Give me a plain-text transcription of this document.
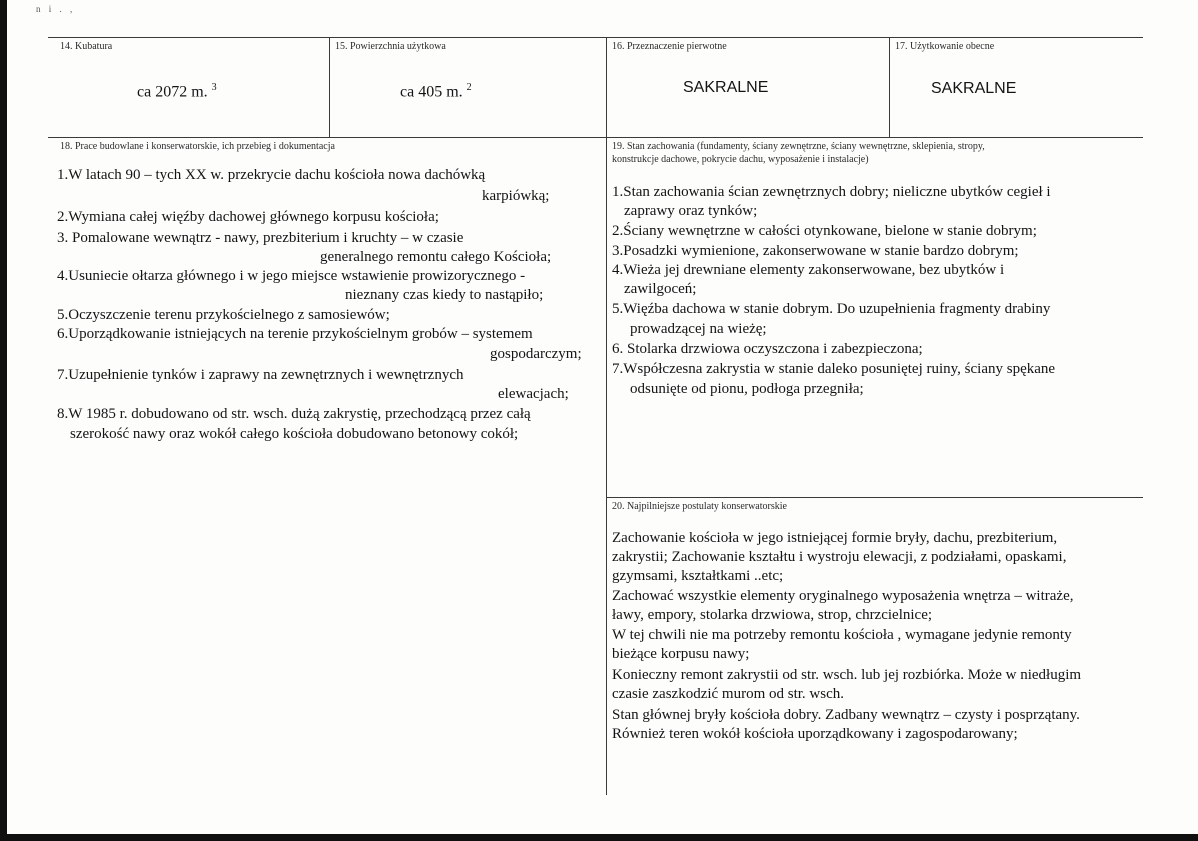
n i . ,
14. Kubatura
ca 2072 m. $^3$
15. Powierzchnia użytkowa
ca 405 m. $^2$
16. Przeznaczenie pierwotne
SAKRALNE
17. Użytkowanie obecne
SAKRALNE
18. Prace budowlane i konserwatorskie, ich przebieg i dokumentacja
1.W latach 90 – tych XX w. przekrycie dachu kościoła nowa dachówką
karpiówką;
2.Wymiana całej więźby dachowej głównego korpusu kościoła;
3. Pomalowane wewnątrz - nawy, prezbiterium i kruchty – w czasie
generalnego remontu całego Kościoła;
4.Usuniecie ołtarza głównego i w jego miejsce wstawienie prowizorycznego -
nieznany czas kiedy to nastąpiło;
5.Oczyszczenie terenu przykościelnego z samosiewów;
6.Uporządkowanie istniejących na terenie przykościelnym grobów – systemem
gospodarczym;
7.Uzupełnienie tynków i zaprawy na zewnętrznych i wewnętrznych
elewacjach;
8.W 1985 r. dobudowano od str. wsch. dużą zakrystię, przechodzącą przez całą
szerokość nawy oraz wokół całego kościoła dobudowano betonowy cokół;
19. Stan zachowania (fundamenty, ściany zewnętrzne, ściany wewnętrzne, sklepienia, stropy,
konstrukcje dachowe, pokrycie dachu, wyposażenie i instalacje)
1.Stan zachowania ścian zewnętrznych dobry; nieliczne ubytków cegieł i
zaprawy oraz tynków;
2.Ściany wewnętrzne w całości otynkowane, bielone w stanie dobrym;
3.Posadzki wymienione, zakonserwowane w stanie bardzo dobrym;
4.Wieża jej drewniane elementy zakonserwowane, bez ubytków i
zawilgoceń;
5.Więźba dachowa w stanie dobrym. Do uzupełnienia fragmenty drabiny
prowadzącej na wieżę;
6. Stolarka drzwiowa oczyszczona i zabezpieczona;
7.Współczesna zakrystia w stanie daleko posuniętej ruiny, ściany spękane
odsunięte od pionu, podłoga przegniła;
20. Najpilniejsze postulaty konserwatorskie
Zachowanie kościoła w jego istniejącej formie bryły, dachu, prezbiterium,
zakrystii; Zachowanie kształtu i wystroju elewacji, z podziałami, opaskami,
gzymsami, kształtkami ..etc;
Zachować wszystkie elementy oryginalnego wyposażenia wnętrza – witraże,
ławy, empory, stolarka drzwiowa, strop, chrzcielnice;
W tej chwili nie ma potrzeby remontu kościoła , wymagane jedynie remonty
bieżące korpusu nawy;
Konieczny remont zakrystii od str. wsch. lub jej rozbiórka. Może w niedługim
czasie zaszkodzić murom od str. wsch.
Stan głównej bryły kościoła dobry. Zadbany wewnątrz – czysty i posprzątany.
Również teren wokół kościoła uporządkowany i zagospodarowany;
